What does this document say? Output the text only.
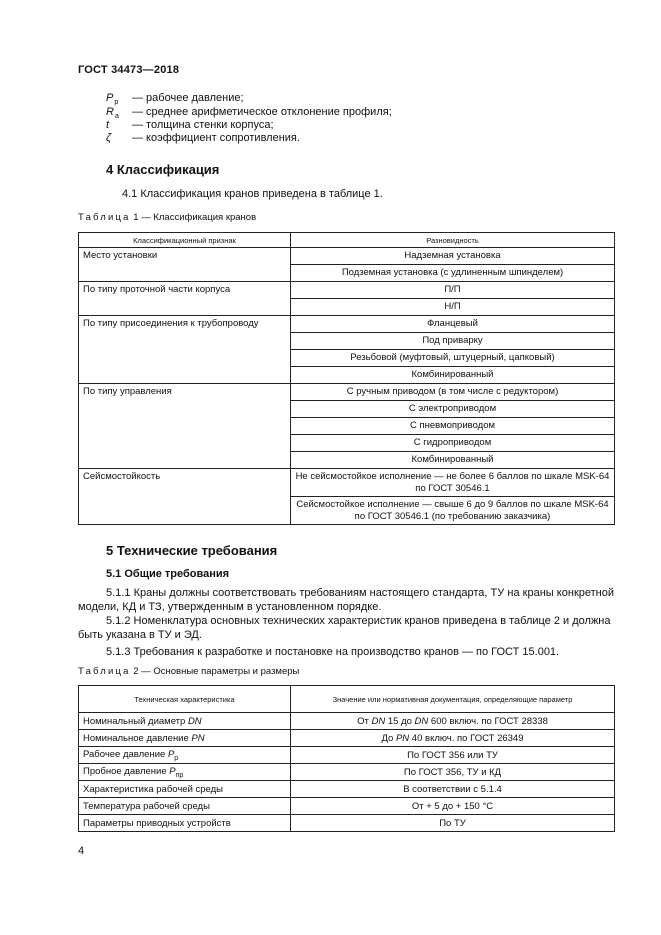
ГОСТ 34473—2018
$P_р$ — рабочее давление;
$R_a$ — среднее арифметическое отклонение профиля;
t — толщина стенки корпуса;
ζ — коэффициент сопротивления.
4 Классификация
4.1 Классификация кранов приведена в таблице 1.
Таблица 1 — Классификация кранов
Классификационный признак	Разновидность
Место установки	Надземная установка
	Подземная установка (с удлиненным шпинделем)
По типу проточной части корпуса	П/П
	Н/П
По типу присоединения к трубопроводу	Фланцевый
	Под приварку
	Резьбовой (муфтовый, штуцерный, цапковый)
	Комбинированный
По типу управления	С ручным приводом (в том числе с редуктором)
	С электроприводом
	С пневмоприводом
	С гидроприводом
	Комбинированный
Сейсмостойкость	Не сейсмостойкое исполнение — не более 6 баллов по шкале MSK-64 по ГОСТ 30546.1
	Сейсмостойкое исполнение — свыше 6 до 9 баллов по шкале MSK-64 по ГОСТ 30546.1 (по требованию заказчика)
5 Технические требования
5.1 Общие требования
5.1.1 Краны должны соответствовать требованиям настоящего стандарта, ТУ на краны конкретной модели, КД и ТЗ, утвержденным в установленном порядке.
5.1.2 Номенклатура основных технических характеристик кранов приведена в таблице 2 и должна быть указана в ТУ и ЭД.
5.1.3 Требования к разработке и постановке на производство кранов — по ГОСТ 15.001.
Таблица 2 — Основные параметры и размеры
Техническая характеристика	Значение или нормативная документация, определяющие параметр
Номинальный диаметр DN	От DN 15 до DN 600 включ. по ГОСТ 28338
Номинальное давление PN	До PN 40 включ. по ГОСТ 26349
Рабочее давление $P_р$	По ГОСТ 356 или ТУ
Пробное давление $P_{пр}$	По ГОСТ 356, ТУ и КД
Характеристика рабочей среды	В соответствии с 5.1.4
Температура рабочей среды	От + 5 до + 150 °С
Параметры приводных устройств	По ТУ
4
